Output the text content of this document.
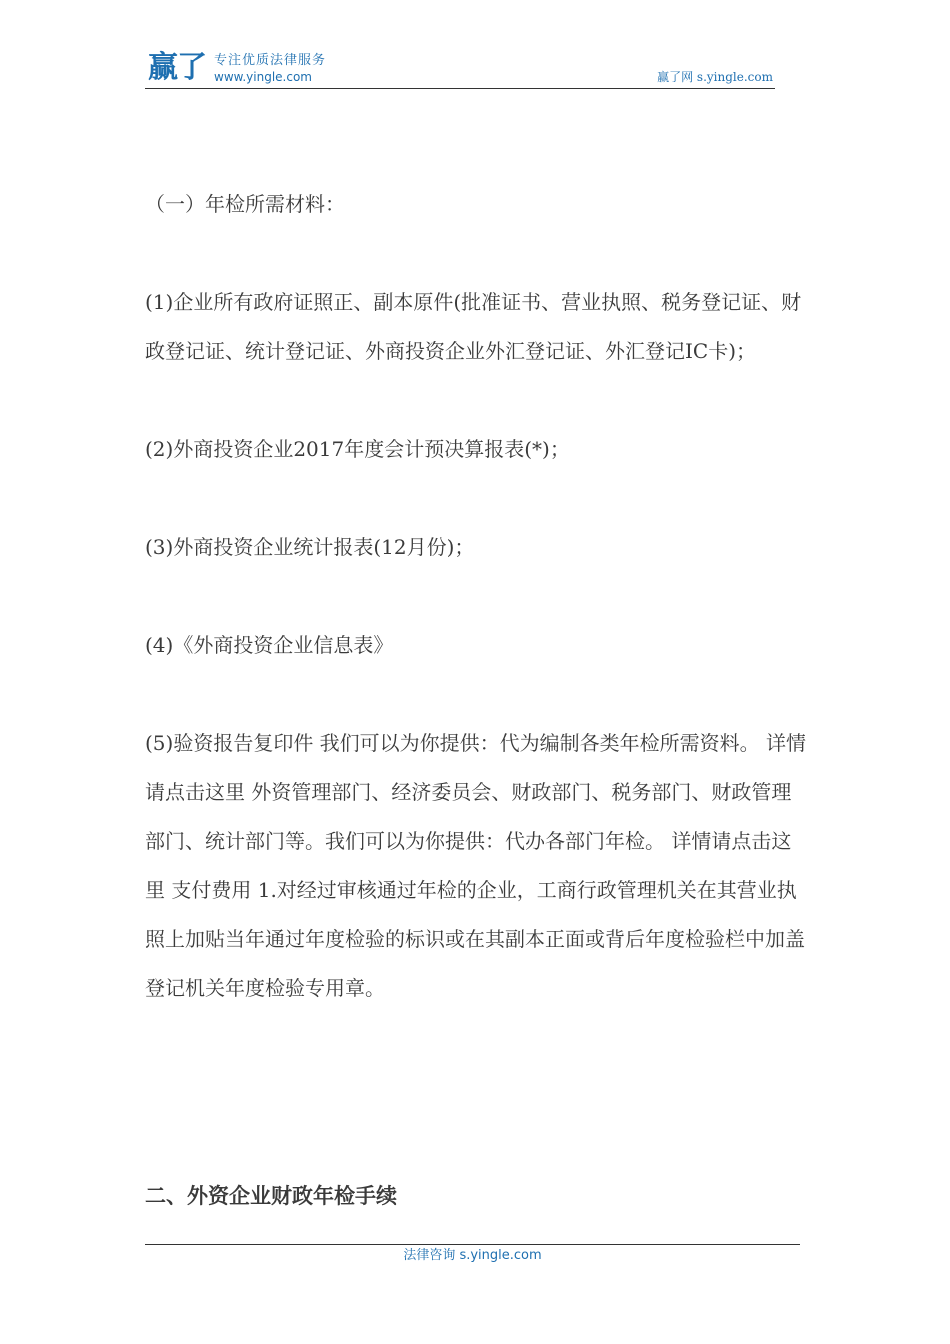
赢了 专注优质法律服务
www.yingle.com	赢了网 s.yingle.com

（一）年检所需材料：

(1)企业所有政府证照正、副本原件(批准证书、营业执照、税务登记证、财政登记证、统计登记证、外商投资企业外汇登记证、外汇登记IC卡)；

(2)外商投资企业2017年度会计预决算报表(*)；

(3)外商投资企业统计报表(12月份)；

(4)《外商投资企业信息表》

(5)验资报告复印件 我们可以为你提供：代为编制各类年检所需资料。 详情请点击这里 外资管理部门、经济委员会、财政部门、税务部门、财政管理部门、统计部门等。我们可以为你提供：代办各部门年检。 详情请点击这里 支付费用 1.对经过审核通过年检的企业，工商行政管理机关在其营业执照上加贴当年通过年度检验的标识或在其副本正面或背后年度检验栏中加盖登记机关年度检验专用章。

二、外资企业财政年检手续
法律咨询 s.yingle.com
